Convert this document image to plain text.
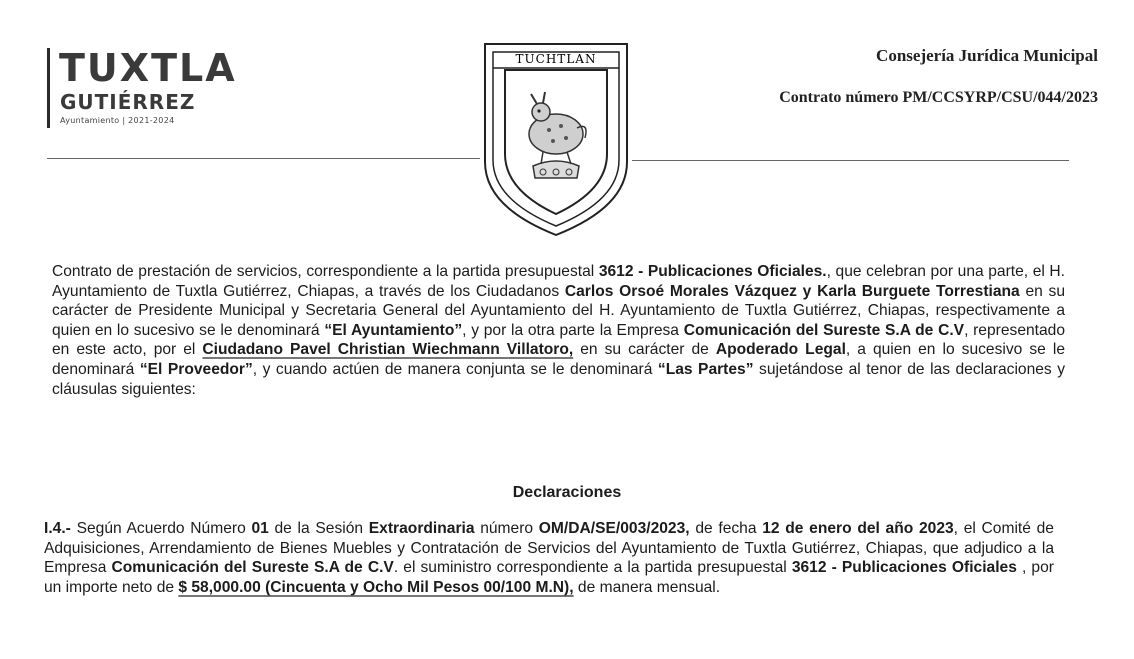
TUXTLA
GUTIÉRREZ
Ayuntamiento | 2021-2024
TUCHTLAN	Consejería Jurídica Municipal
Contrato número PM/CCSYRP/CSU/044/2023
Contrato de prestación de servicios, correspondiente a la partida presupuestal 3612 - Publicaciones Oficiales., que celebran por una parte, el H. Ayuntamiento de Tuxtla Gutiérrez, Chiapas, a través de los Ciudadanos Carlos Orsoé Morales Vázquez y Karla Burguete Torrestiana en su carácter de Presidente Municipal y Secretaria General del Ayuntamiento del H. Ayuntamiento de Tuxtla Gutiérrez, Chiapas, respectivamente a quien en lo sucesivo se le denominará “El Ayuntamiento”, y por la otra parte la Empresa Comunicación del Sureste S.A de C.V, representado en este acto, por el Ciudadano Pavel Christian Wiechmann Villatoro, en su carácter de Apoderado Legal, a quien en lo sucesivo se le denominará “El Proveedor”, y cuando actúen de manera conjunta se le denominará “Las Partes” sujetándose al tenor de las declaraciones y cláusulas siguientes:
Declaraciones
I.4.- Según Acuerdo Número 01 de la Sesión Extraordinaria número OM/DA/SE/003/2023, de fecha 12 de enero del año 2023, el Comité de Adquisiciones, Arrendamiento de Bienes Muebles y Contratación de Servicios del Ayuntamiento de Tuxtla Gutiérrez, Chiapas, que adjudico a la Empresa Comunicación del Sureste S.A de C.V. el suministro correspondiente a la partida presupuestal 3612 - Publicaciones Oficiales , por un importe neto de $ 58,000.00 (Cincuenta y Ocho Mil Pesos 00/100 M.N), de manera mensual.
